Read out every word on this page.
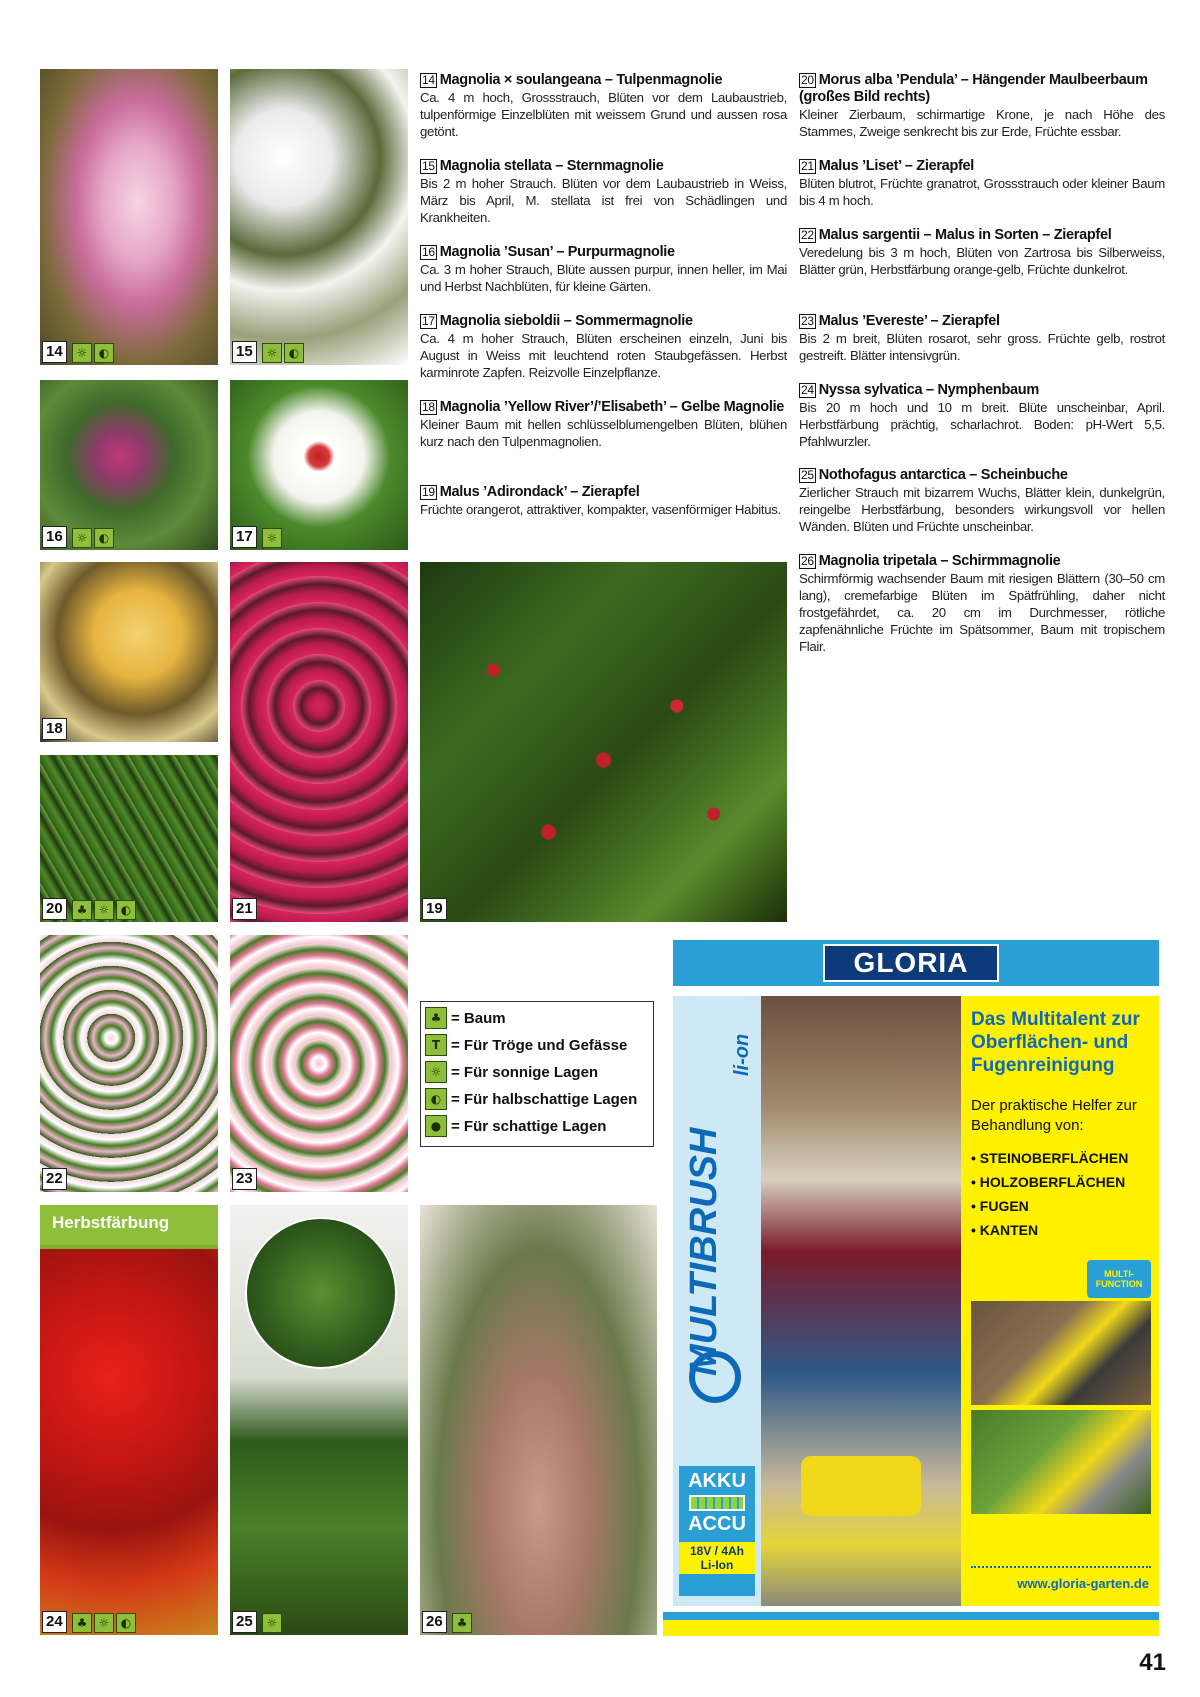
14	☼ ◐	15	☼ ◐
16	☼ ◐	17	☼
18
20	♣ ☼ ◐	21	19
22	23
Herbstfärbung
24	♣ ☼ ◐	25	☼	26	♣
14 Magnolia × soulangeana – Tulpenmagnolie
Ca. 4 m hoch, Grossstrauch, Blüten vor dem Laubaustrieb, tulpenförmige Einzelblüten mit weissem Grund und aussen rosa getönt.
15 Magnolia stellata – Sternmagnolie
Bis 2 m hoher Strauch. Blüten vor dem Laubaustrieb in Weiss, März bis April, M. stellata ist frei von Schädlingen und Krankheiten.
16 Magnolia ’Susan’ – Purpurmagnolie
Ca. 3 m hoher Strauch, Blüte aussen purpur, innen heller, im Mai und Herbst Nachblüten, für kleine Gärten.
17 Magnolia sieboldii – Sommermagnolie
Ca. 4 m hoher Strauch, Blüten erscheinen einzeln, Juni bis August in Weiss mit leuchtend roten Staubgefässen. Herbst karminrote Zapfen. Reizvolle Einzelpflanze.
18 Magnolia ’Yellow River’/’Elisabeth’ – Gelbe Magnolie
Kleiner Baum mit hellen schlüsselblumengelben Blüten, blühen kurz nach den Tulpenmagnolien.
19 Malus ’Adirondack’ – Zierapfel
Früchte orangerot, attraktiver, kompakter, vasenförmiger Habitus.
20 Morus alba ’Pendula’ – Hängender Maulbeerbaum (großes Bild rechts)
Kleiner Zierbaum, schirmartige Krone, je nach Höhe des Stammes, Zweige senkrecht bis zur Erde, Früchte essbar.
21 Malus ’Liset’ – Zierapfel
Blüten blutrot, Früchte granatrot, Grossstrauch oder kleiner Baum bis 4 m hoch.
22 Malus sargentii – Malus in Sorten – Zierapfel
Veredelung bis 3 m hoch, Blüten von Zartrosa bis Silberweiss, Blätter grün, Herbstfärbung orange-gelb, Früchte dunkelrot.
23 Malus ’Evereste’ – Zierapfel
Bis 2 m breit, Blüten rosarot, sehr gross. Früchte gelb, rostrot gestreift. Blätter intensivgrün.
24 Nyssa sylvatica – Nymphenbaum
Bis 20 m hoch und 10 m breit. Blüte unscheinbar, April. Herbstfärbung prächtig, scharlachrot. Boden: pH-Wert 5,5. Pfahlwurzler.
25 Nothofagus antarctica – Scheinbuche
Zierlicher Strauch mit bizarrem Wuchs, Blätter klein, dunkelgrün, reingelbe Herbstfärbung, besonders wirkungsvoll vor hellen Wänden. Blüten und Früchte unscheinbar.
26 Magnolia tripetala – Schirmmagnolie
Schirmförmig wachsender Baum mit riesigen Blättern (30–50 cm lang), cremefarbige Blüten im Spätfrühling, daher nicht frostgefährdet, ca. 20 cm im Durchmesser, rötliche zapfenähnliche Früchte im Spätsommer, Baum mit tropischem Flair.
♣ = Baum
T = Für Tröge und Gefässe
☼ = Für sonnige Lagen
◐ = Für halbschattige Lagen
● = Für schattige Lagen
GLORIA
MULTIBRUSH
li-on
AKKU
ACCU
18V / 4Ah
Li-Ion
Das Multitalent zur Oberflächen- und Fugenreinigung
Der praktische Helfer zur Behandlung von:
• STEINOBERFLÄCHEN
• HOLZOBERFLÄCHEN
• FUGEN
• KANTEN
MULTI-FUNCTION
www.gloria-garten.de
41
